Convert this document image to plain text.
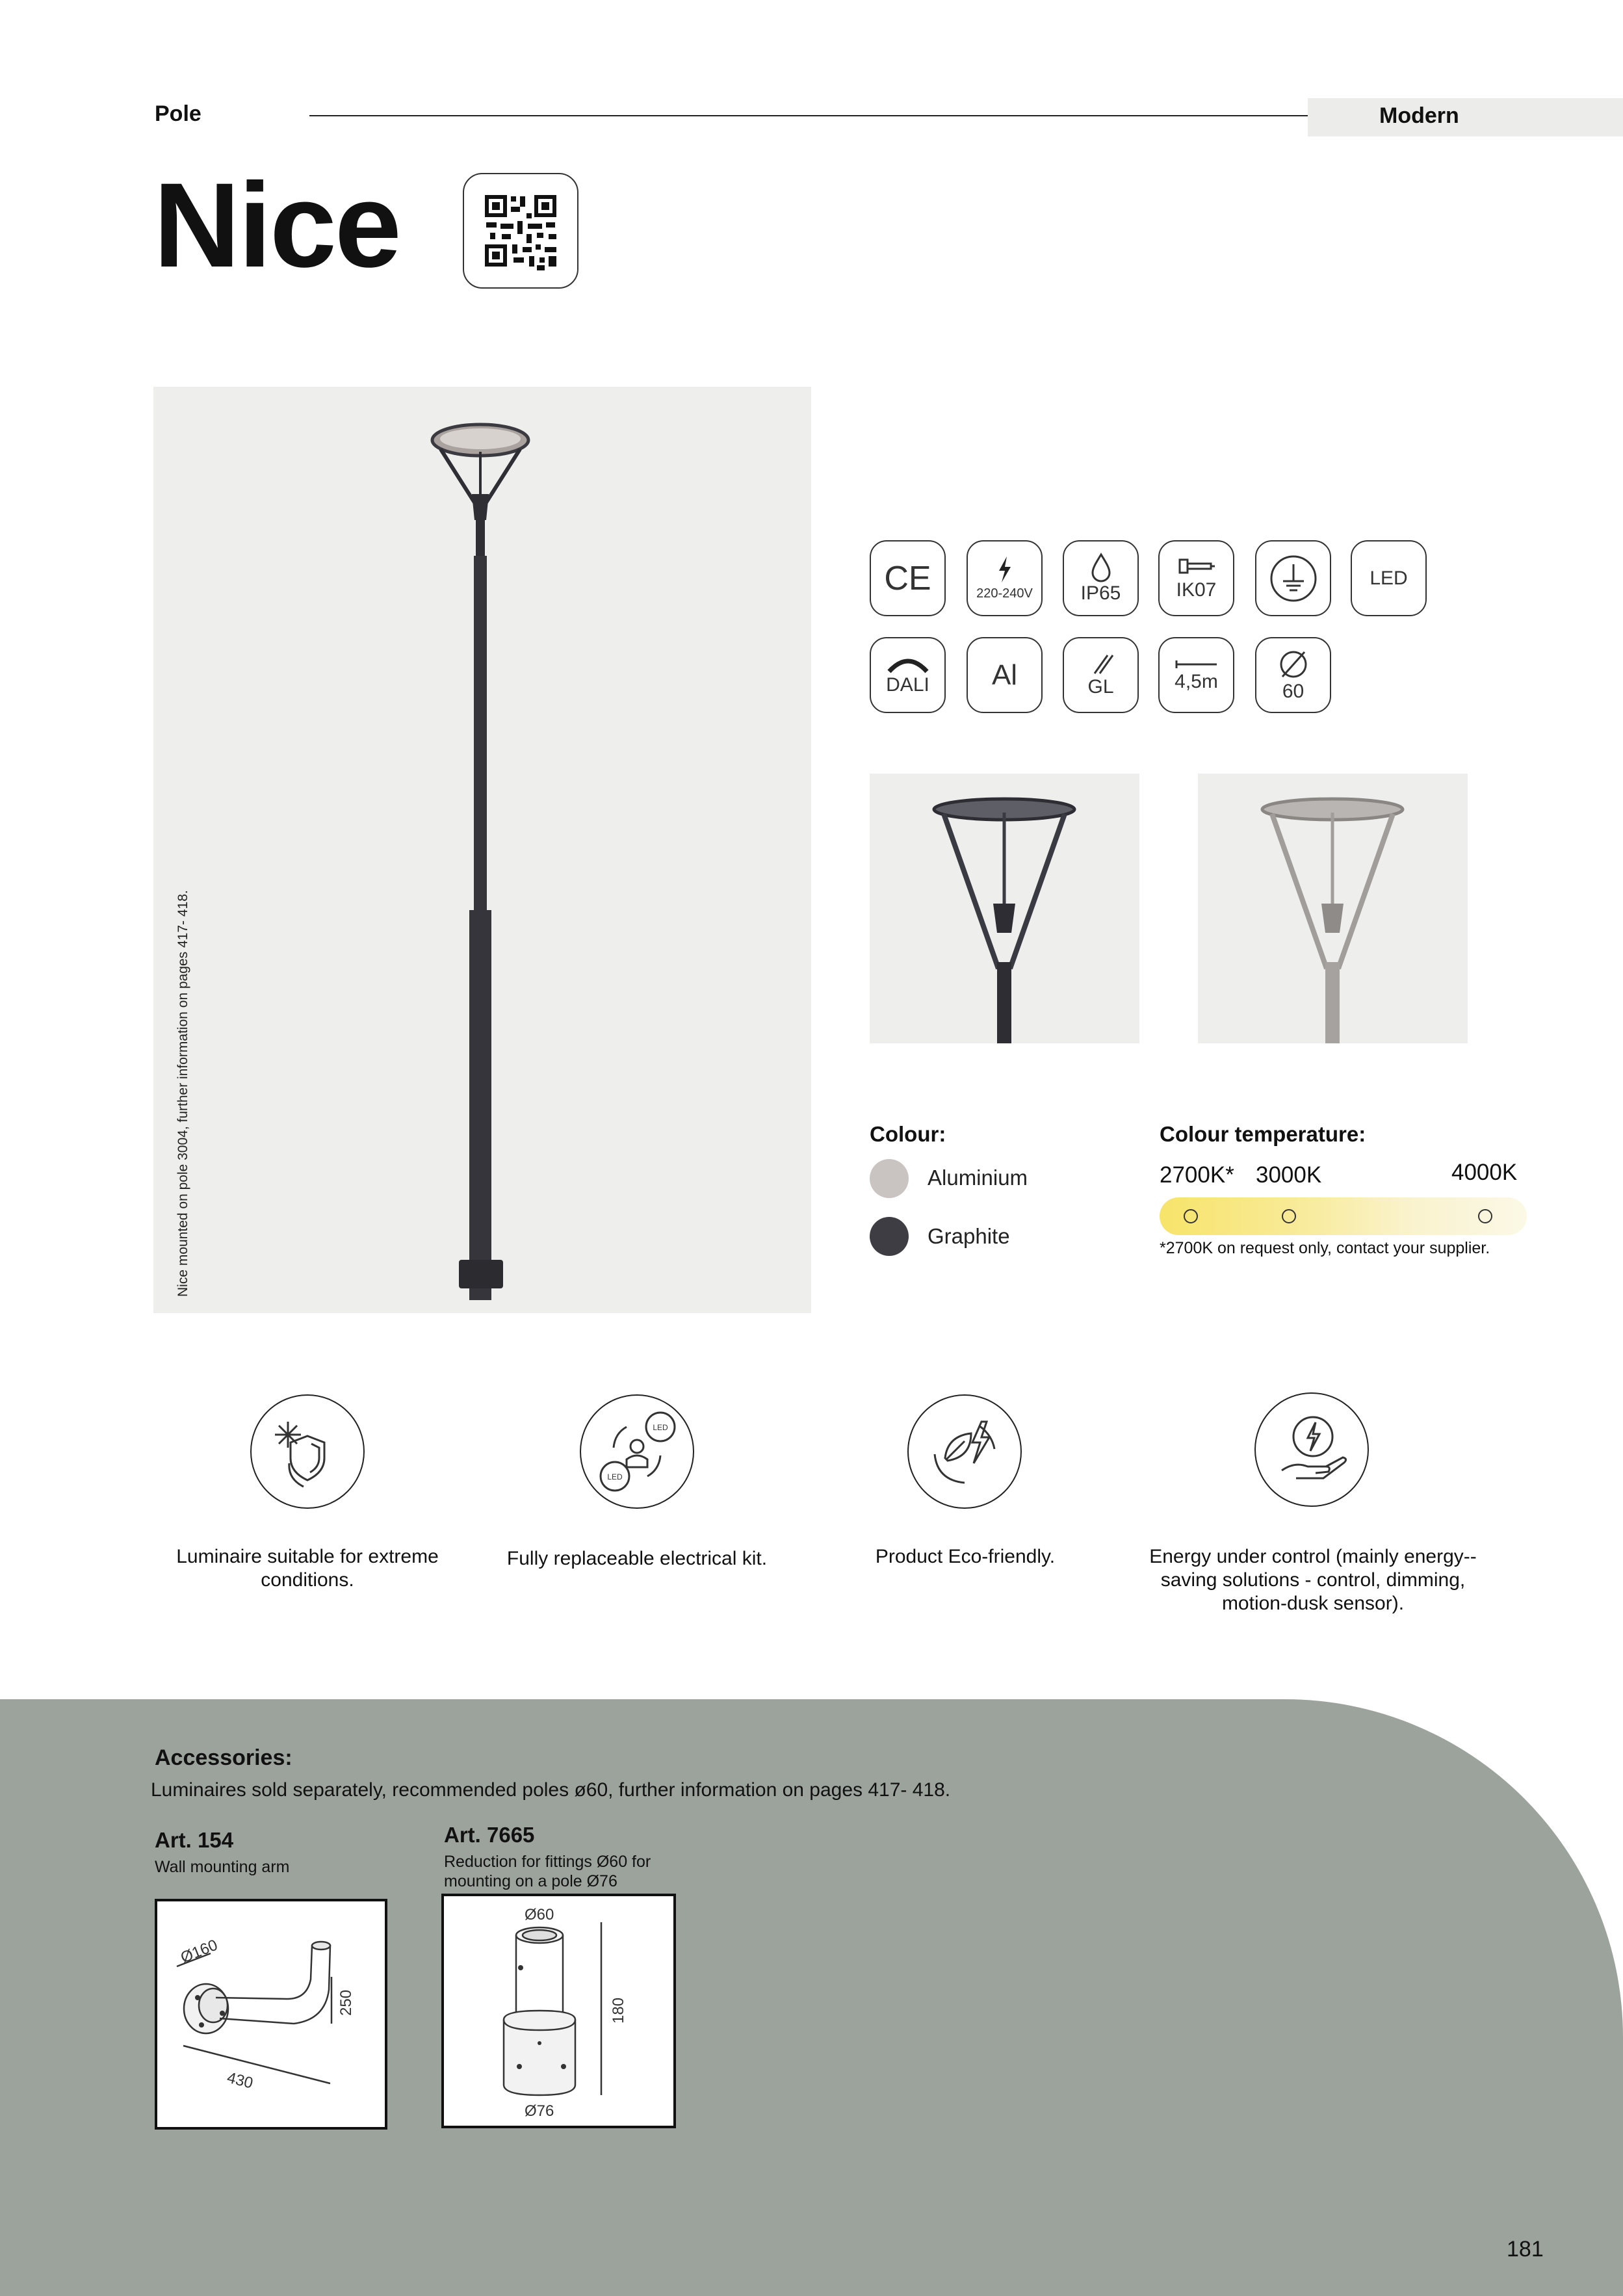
Pole	Modern
Nice
Nice mounted on pole 3004, further information on pages 417- 418.
CE	220-240V IP65	IK07
LED
DALI Al	GL	4,5m	60
Colour:
Aluminium
Graphite
Colour temperature:
2700K* 3000K	4000K
*2700K on request only, contact your supplier.
Luminaire suitable for extreme conditions.
LED
LED
Fully replaceable electrical kit.	Product Eco-friendly.	Energy under control (mainly energy--saving solutions - control, dimming, motion-dusk sensor).
Accessories:
Luminaires sold separately, recommended poles ø60, further information on pages 417- 418.
Art. 154
Wall mounting arm
Ø160
250
430
Art. 7665
Reduction for fittings Ø60 for mounting on a pole Ø76
Ø60
180
Ø76
181
